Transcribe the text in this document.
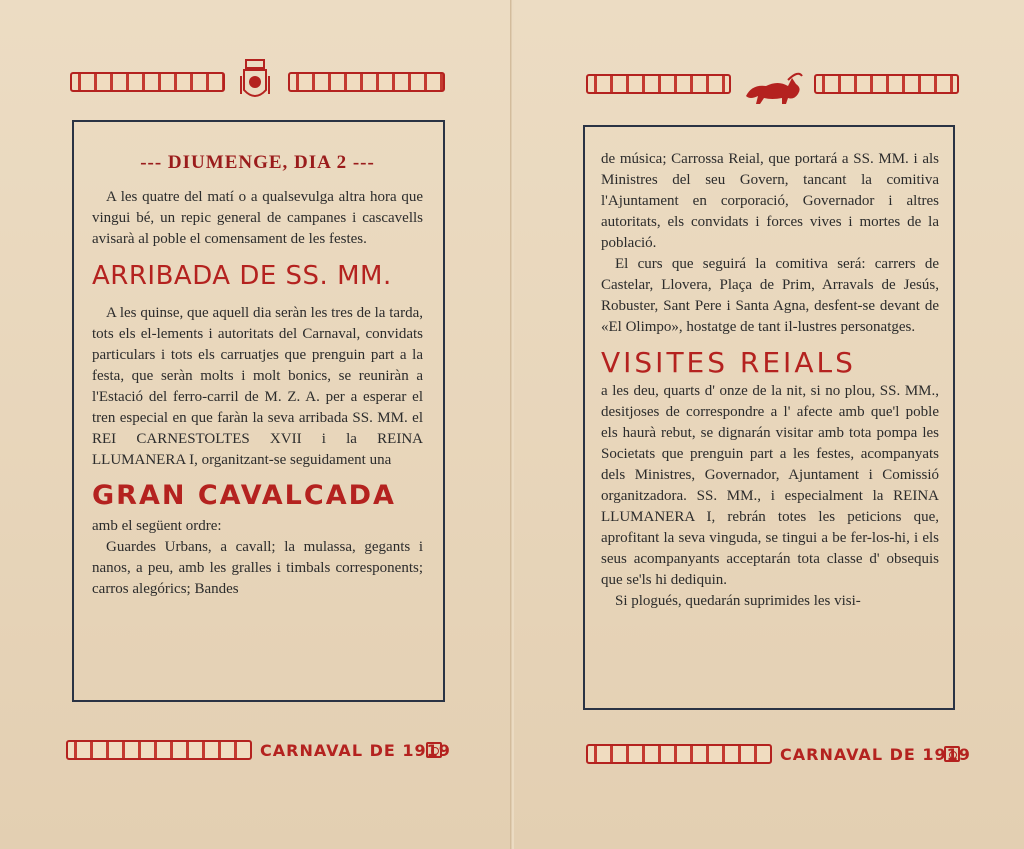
--- DIUMENGE, DIA 2 ---

A les quatre del matí o a qualsevulga altra hora que vingui bé, un repic general de campanes i cascavells avisarà al poble el comensament de les festes.

ARRIBADA DE SS. MM.

A les quinse, que aquell dia seràn les tres de la tarda, tots els el-lements i autoritats del Carnaval, convidats particulars i tots els carruatjes que prenguin part a la festa, que seràn molts i molt bonics, se reuniràn a l'Estació del ferro-carril de M. Z. A. per a esperar el tren especial en que faràn la seva arribada SS. MM. el REI CARNESTOLTES XVII i la REINA LLUMANERA I, organitzant-se seguidament una

GRAN CAVALCADA

amb el següent ordre:

Guardes Urbans, a cavall; la mulassa, gegants i nanos, a peu, amb les gralles i timbals corresponents; carros alegórics; Bandes

CARNAVAL DE 1919

de música; Carrossa Reial, que portará a SS. MM. i als Ministres del seu Govern, tancant la comitiva l'Ajuntament en corporació, Governador i altres autoritats, els convidats i forces vives i mortes de la població.

El curs que seguirá la comitiva será: carrers de Castelar, Llovera, Plaça de Prim, Arravals de Jesús, Robuster, Sant Pere i Santa Agna, desfent-se devant de «El Olimpo», hostatge de tant il-lustres personatges.

VISITES REIALS

a les deu, quarts d' onze de la nit, si no plou, SS. MM., desitjoses de correspondre a l' afecte amb que'l poble els haurà rebut, se dignarán visitar amb tota pompa les Societats que prenguin part a les festes, acompanyats dels Ministres, Governador, Ajuntament i Comissió organitzadora. SS. MM., i especialment la REINA LLUMANERA I, rebrán totes les peticions que, aprofitant la seva vinguda, se tingui a be fer-los-hi, i els seus acompanyants acceptarán tota classe d' obsequis que se'ls hi dediquin.

Si plogués, quedarán suprimides les visi-

CARNAVAL DE 1919
